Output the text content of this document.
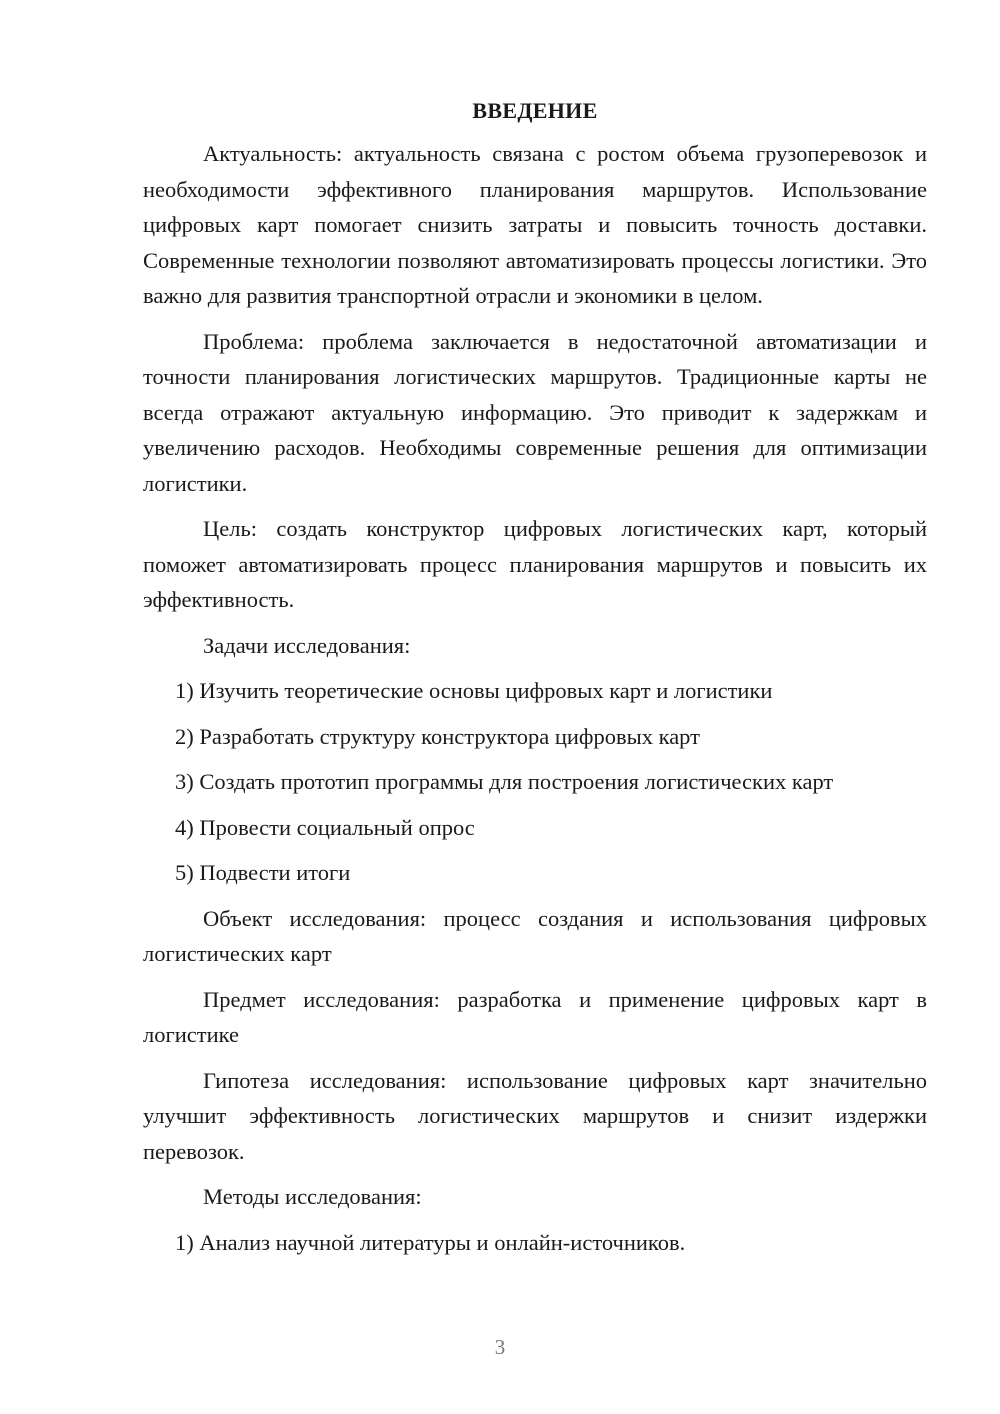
ВВЕДЕНИЕ

Актуальность: актуальность связана с ростом объема грузоперевозок и необходимости эффективного планирования маршрутов. Использование цифровых карт помогает снизить затраты и повысить точность доставки. Современные технологии позволяют автоматизировать процессы логистики. Это важно для развития транспортной отрасли и экономики в целом.

Проблема: проблема заключается в недостаточной автоматизации и точности планирования логистических маршрутов. Традиционные карты не всегда отражают актуальную информацию. Это приводит к задержкам и увеличению расходов. Необходимы современные решения для оптимизации логистики.

Цель: создать конструктор цифровых логистических карт, который поможет автоматизировать процесс планирования маршрутов и повысить их эффективность.

Задачи исследования:

1) Изучить теоретические основы цифровых карт и логистики

2) Разработать структуру конструктора цифровых карт

3) Создать прототип программы для построения логистических карт

4) Провести социальный опрос

5) Подвести итоги

Объект исследования: процесс создания и использования цифровых логистических карт

Предмет исследования: разработка и применение цифровых карт в логистике

Гипотеза исследования: использование цифровых карт значительно улучшит эффективность логистических маршрутов и снизит издержки перевозок.

Методы исследования:

1) Анализ научной литературы и онлайн-источников.

3
